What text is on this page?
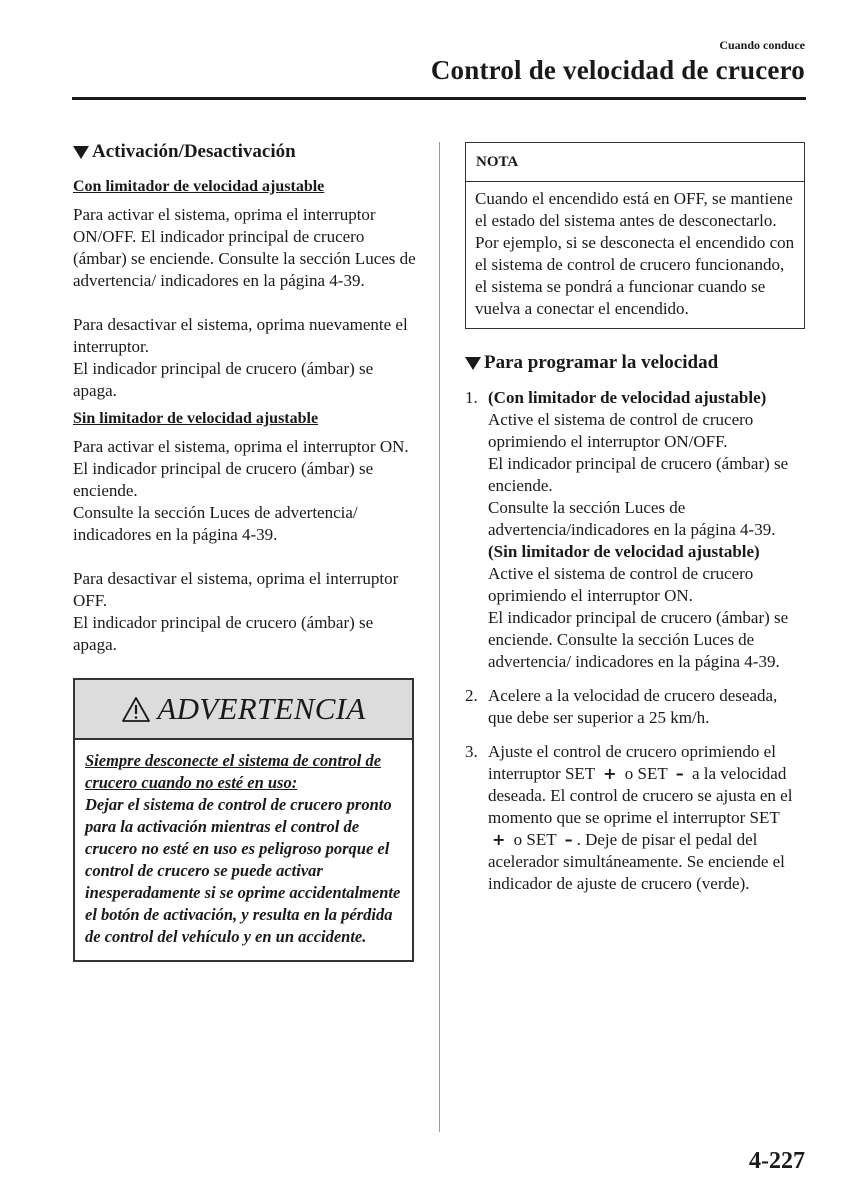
Cuando conduce
Control de velocidad de crucero
Activación/Desactivación
Con limitador de velocidad ajustable

Para activar el sistema, oprima el interruptor ON/OFF. El indicador principal de crucero (ámbar) se enciende. Consulte la sección Luces de advertencia/ indicadores en la página 4-39.

Para desactivar el sistema, oprima nuevamente el interruptor.

El indicador principal de crucero (ámbar) se apaga.

Sin limitador de velocidad ajustable

Para activar el sistema, oprima el interruptor ON. El indicador principal de crucero (ámbar) se enciende.

Consulte la sección Luces de advertencia/ indicadores en la página 4-39.

Para desactivar el sistema, oprima el interruptor OFF.

El indicador principal de crucero (ámbar) se apaga.

ADVERTENCIA
Siempre desconecte el sistema de control de crucero cuando no esté en uso:
Dejar el sistema de control de crucero pronto para la activación mientras el control de crucero no esté en uso es peligroso porque el control de crucero se puede activar inesperadamente si se oprime accidentalmente el botón de activación, y resulta en la pérdida de control del vehículo y en un accidente.
NOTA
Cuando el encendido está en OFF, se mantiene el estado del sistema antes de desconectarlo. Por ejemplo, si se desconecta el encendido con el sistema de control de crucero funcionando, el sistema se pondrá a funcionar cuando se vuelva a conectar el encendido.
Para programar la velocidad
1. (Con limitador de velocidad ajustable)
Active el sistema de control de crucero oprimiendo el interruptor ON/OFF.
El indicador principal de crucero (ámbar) se enciende.
Consulte la sección Luces de advertencia/indicadores en la página 4-39.
(Sin limitador de velocidad ajustable)
Active el sistema de control de crucero oprimiendo el interruptor ON.
El indicador principal de crucero (ámbar) se enciende. Consulte la sección Luces de advertencia/ indicadores en la página 4-39.
2. Acelere a la velocidad de crucero deseada, que debe ser superior a 25 km/h.
3. Ajuste el control de crucero oprimiendo el interruptor SET + o SET – a la velocidad deseada. El control de crucero se ajusta en el momento que se oprime el interruptor SET + o SET – . Deje de pisar el pedal del acelerador simultáneamente. Se enciende el indicador de ajuste de crucero (verde).
4-227
